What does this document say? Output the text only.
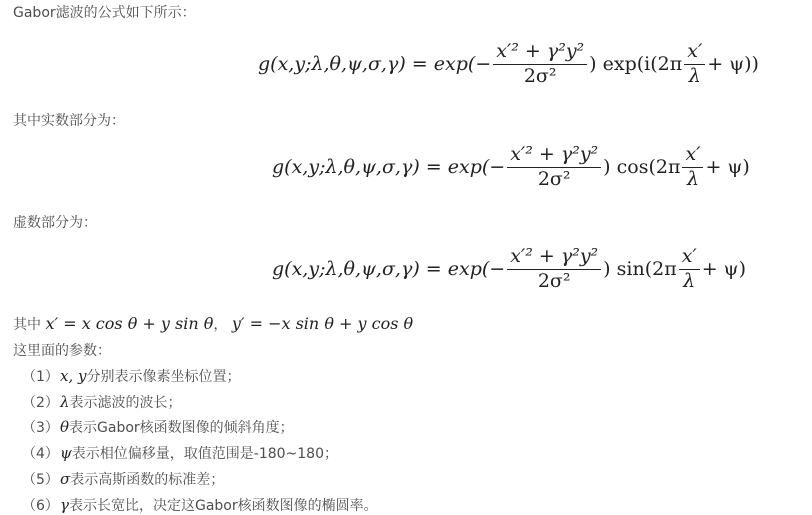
Gabor滤波的公式如下所示：
g(x,y;λ,θ,ψ,σ,γ) = $\exp(- \frac{\text{x′² + γ²y²}}{\text{2σ²}}$ ) $\exp(i(2\pi \frac{x'}{\lambda} + \psi))$
其中实数部分为：
g(x,y;λ,θ,ψ,σ,γ) = $\exp(- \frac{\text{x′² + γ²y²}}{\text{2σ²}}$ ) $\cos(2\pi \frac{x'}{\lambda} + \psi)$
虚数部分为：
g(x,y;λ,θ,ψ,σ,γ) = $\exp(- \frac{\text{x′² + γ²y²}}{\text{2σ²}}$ ) $\sin(2\pi \frac{x'}{\lambda} + \psi)$
其中 x′ = x cos θ + y sin θ， y′ = −x sin θ + y cos θ
这里面的参数：
（1）x, y分别表示像素坐标位置；
（2）λ表示滤波的波长；
（3）θ表示Gabor核函数图像的倾斜角度；
（4）ψ表示相位偏移量，取值范围是-180~180；
（5）σ表示高斯函数的标准差；
（6）γ表示长宽比，决定这Gabor核函数图像的椭圆率。
